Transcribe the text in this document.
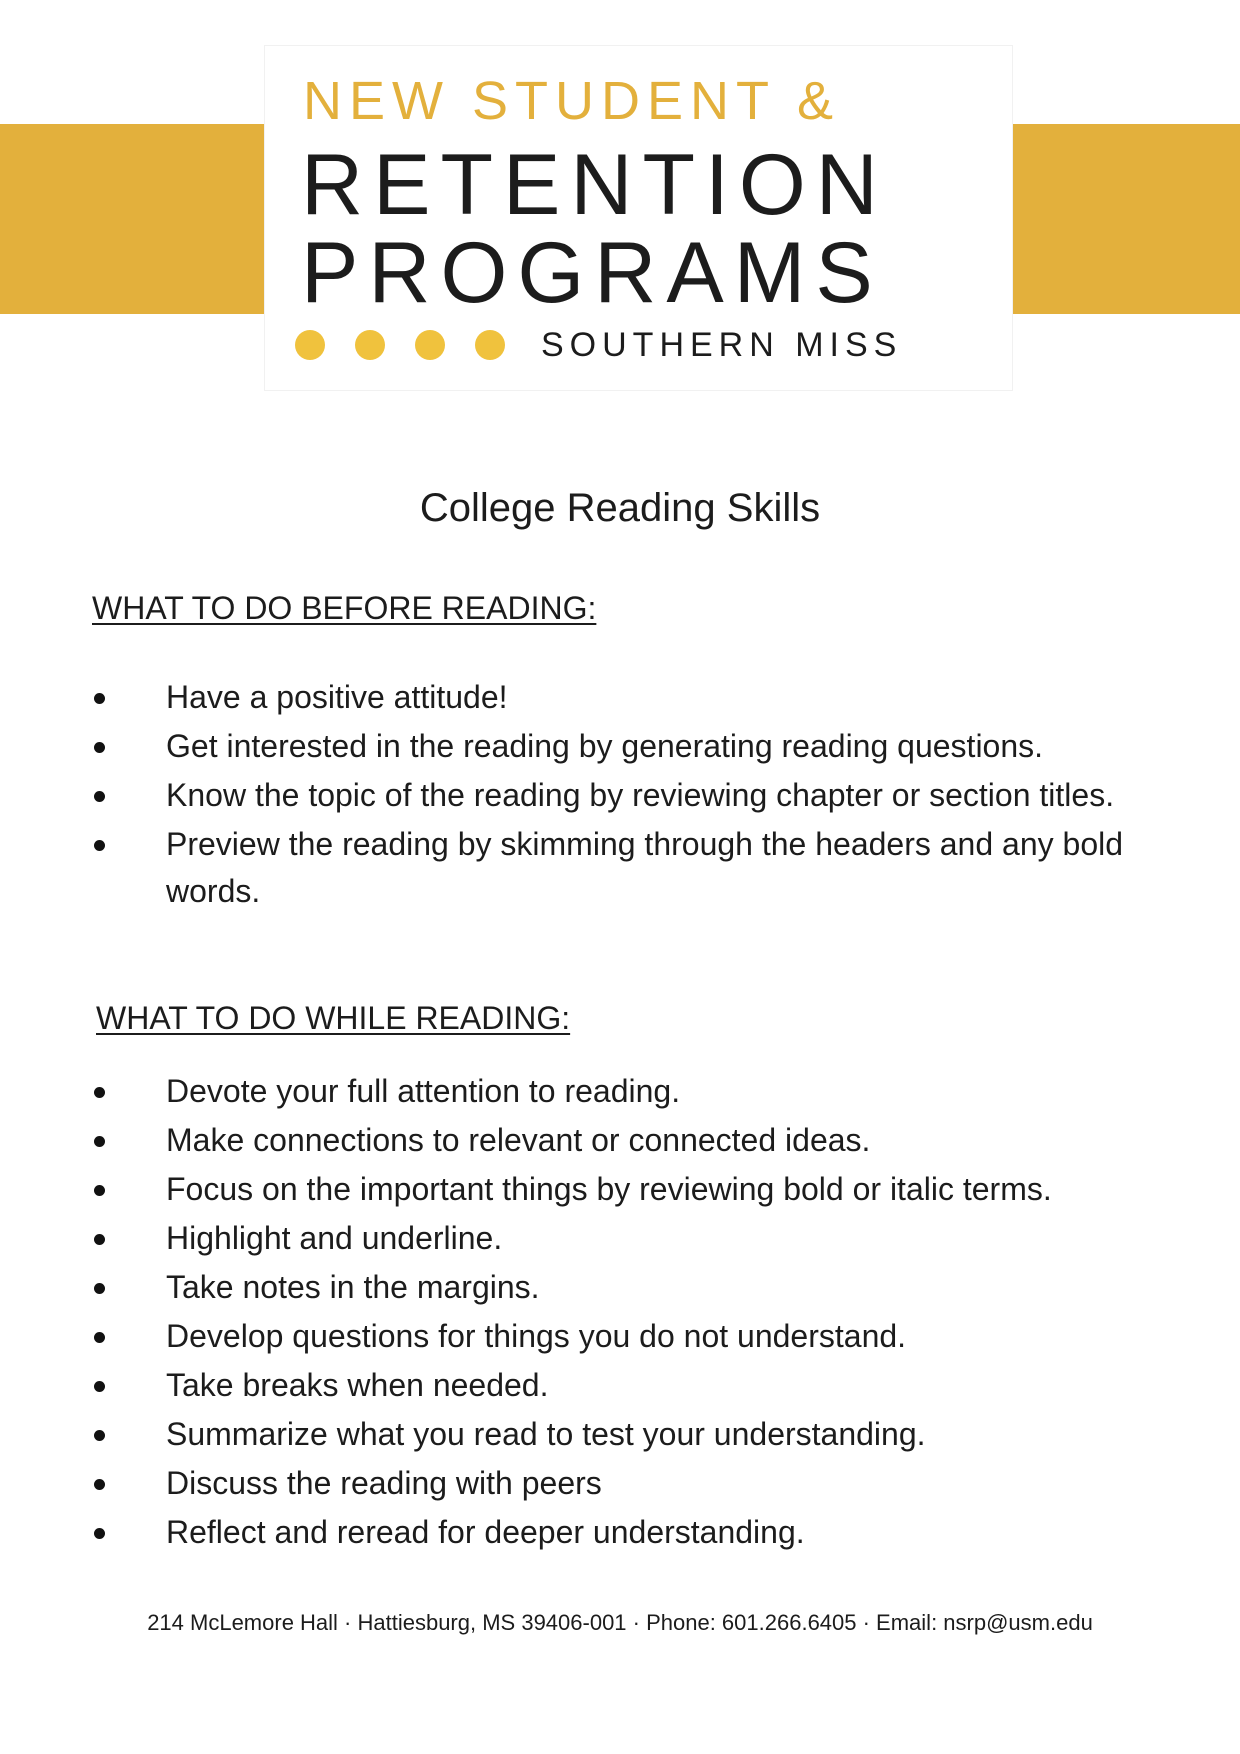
NEW STUDENT &
RETENTION
PROGRAMS
SOUTHERN MISS
College Reading Skills
WHAT TO DO BEFORE READING:
Have a positive attitude!
Get interested in the reading by generating reading questions.
Know the topic of the reading by reviewing chapter or section titles.
Preview the reading by skimming through the headers and any bold words.
WHAT TO DO WHILE READING:
Devote your full attention to reading.
Make connections to relevant or connected ideas.
Focus on the important things by reviewing bold or italic terms.
Highlight and underline.
Take notes in the margins.
Develop questions for things you do not understand.
Take breaks when needed.
Summarize what you read to test your understanding.
Discuss the reading with peers
Reflect and reread for deeper understanding.
214 McLemore Hall · Hattiesburg, MS 39406-001 · Phone: 601.266.6405 · Email: nsrp@usm.edu
